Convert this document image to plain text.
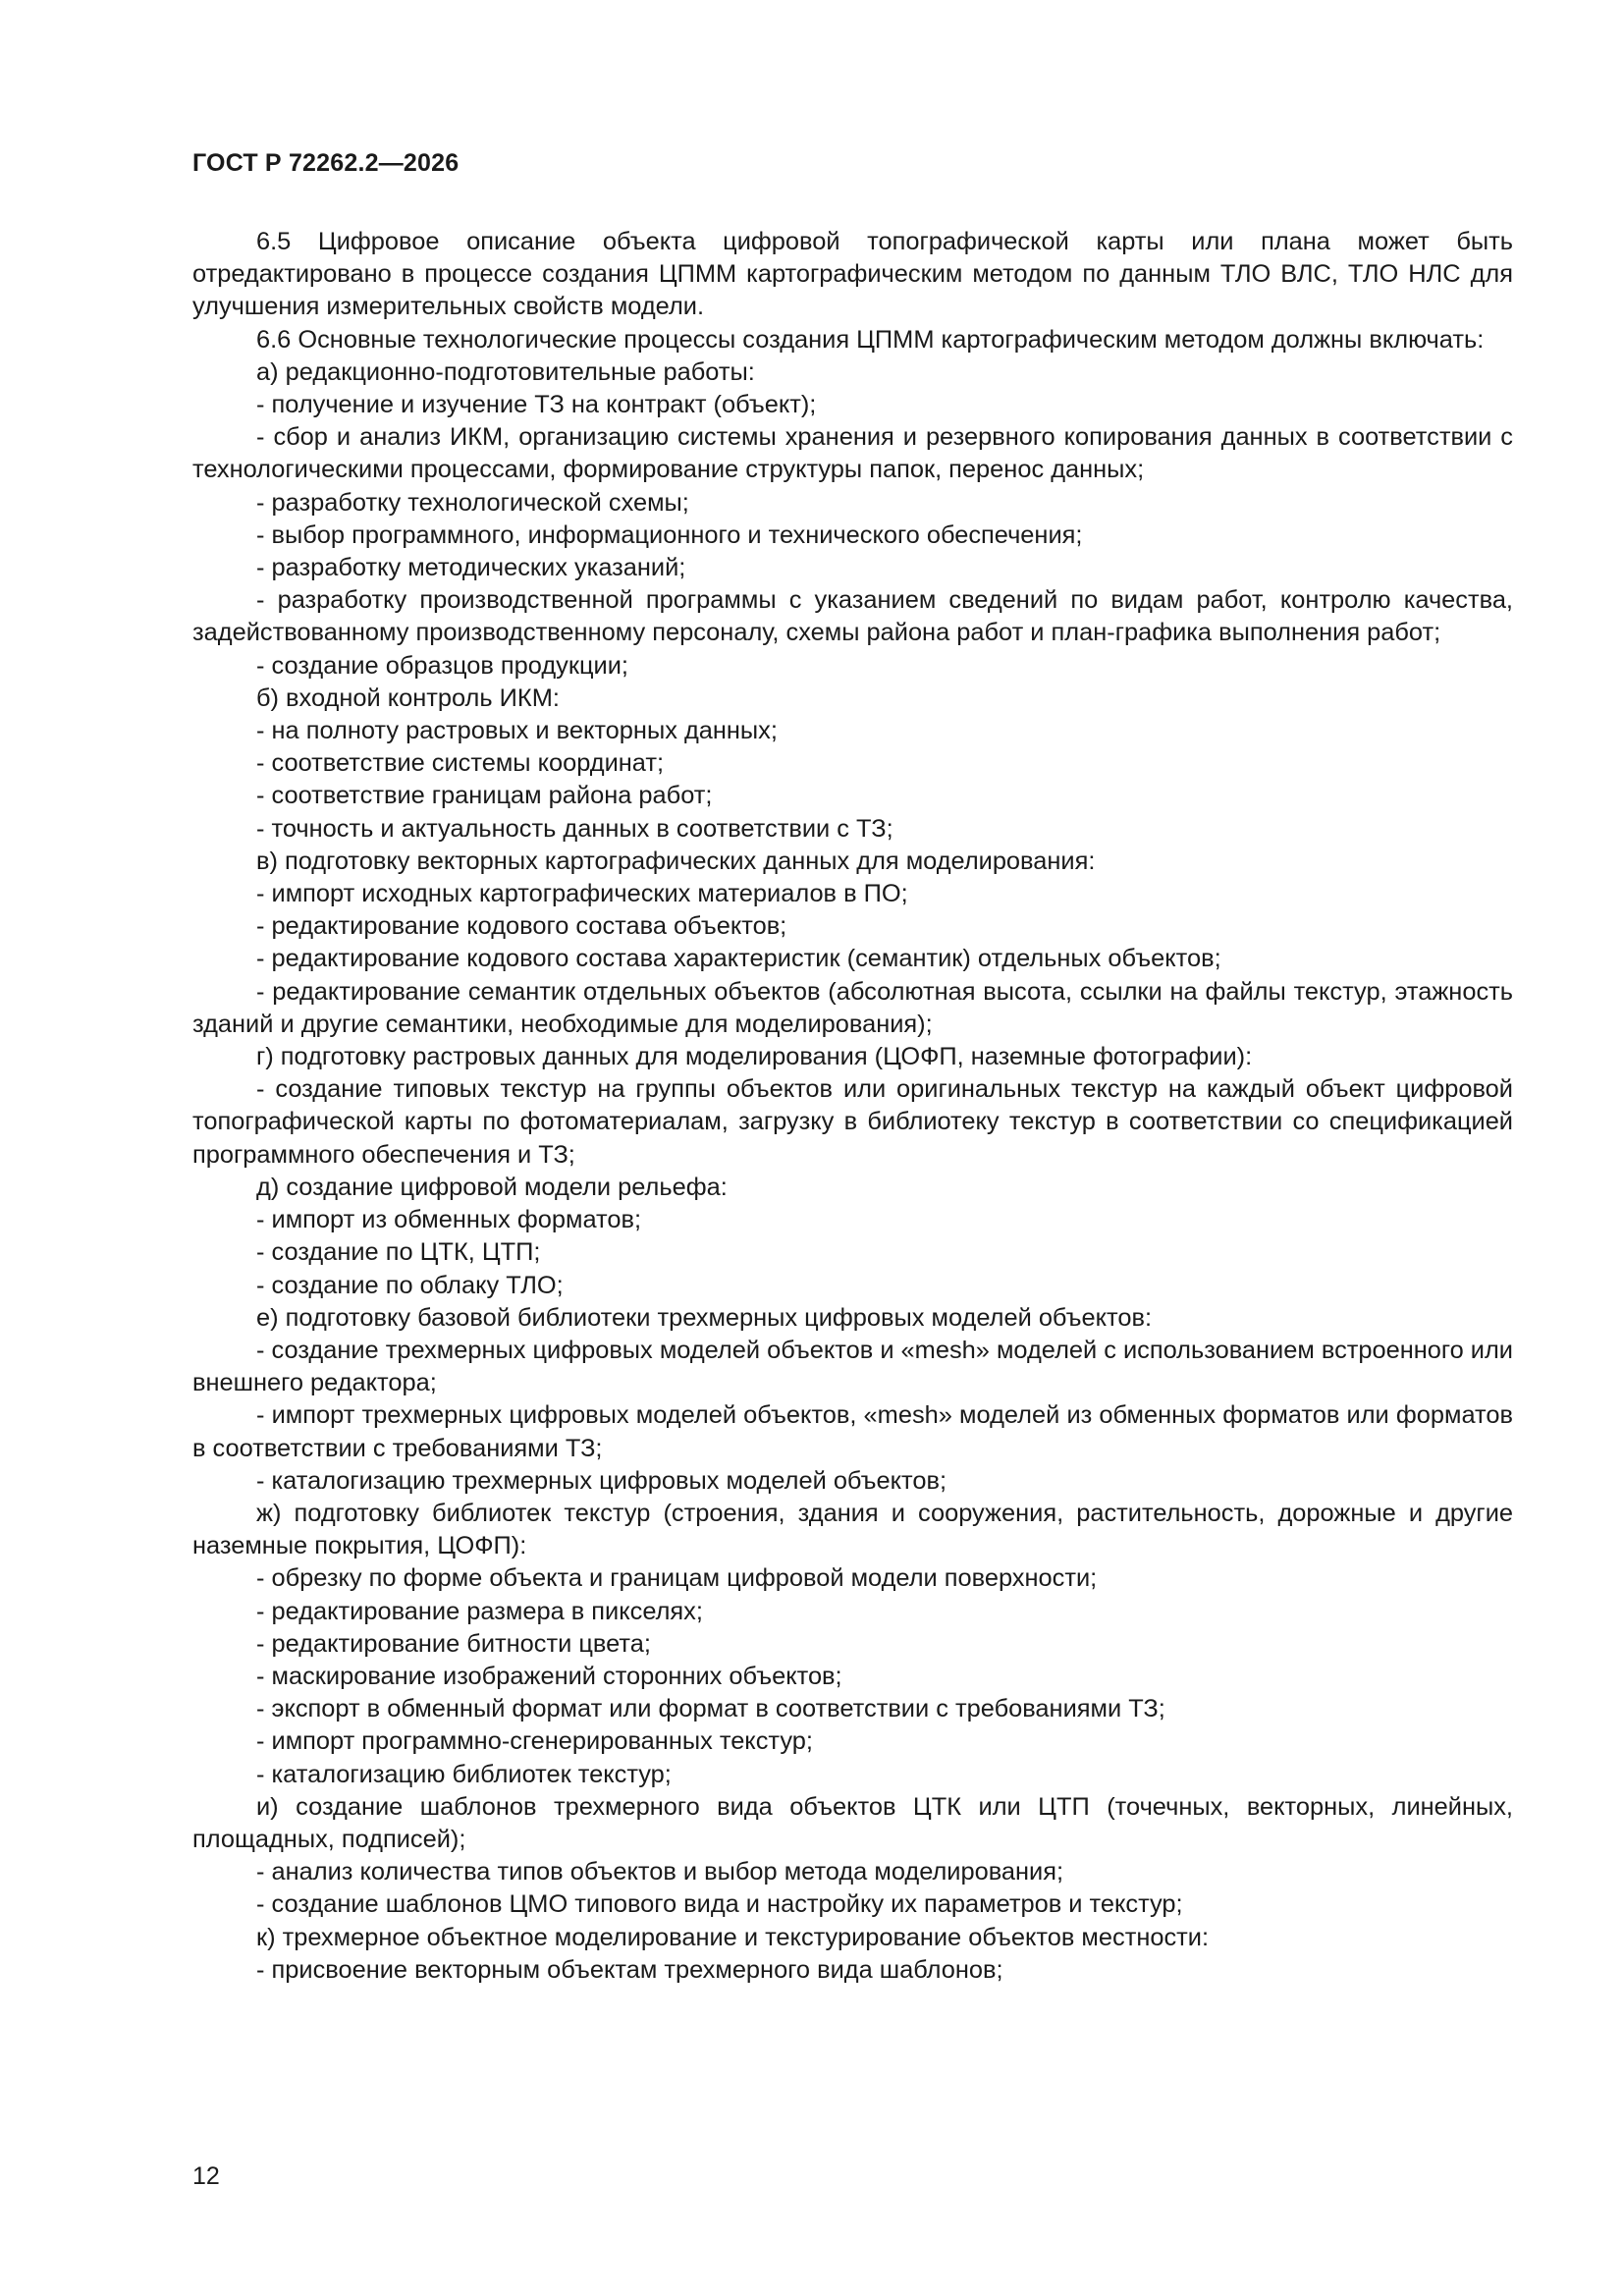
ГОСТ Р 72262.2—2026

6.5 Цифровое описание объекта цифровой топографической карты или плана может быть отредактировано в процессе создания ЦПММ картографическим методом по данным ТЛО ВЛС, ТЛО НЛС для улучшения измерительных свойств модели.

6.6 Основные технологические процессы создания ЦПММ картографическим методом должны включать:

а) редакционно-подготовительные работы:

- получение и изучение ТЗ на контракт (объект);

- сбор и анализ ИКМ, организацию системы хранения и резервного копирования данных в соответствии с технологическими процессами, формирование структуры папок, перенос данных;

- разработку технологической схемы;

- выбор программного, информационного и технического обеспечения;

- разработку методических указаний;

- разработку производственной программы с указанием сведений по видам работ, контролю качества, задействованному производственному персоналу, схемы района работ и план-графика выполнения работ;

- создание образцов продукции;

б) входной контроль ИКМ:

- на полноту растровых и векторных данных;

- соответствие системы координат;

- соответствие границам района работ;

- точность и актуальность данных в соответствии с ТЗ;

в) подготовку векторных картографических данных для моделирования:

- импорт исходных картографических материалов в ПО;

- редактирование кодового состава объектов;

- редактирование кодового состава характеристик (семантик) отдельных объектов;

- редактирование семантик отдельных объектов (абсолютная высота, ссылки на файлы текстур, этажность зданий и другие семантики, необходимые для моделирования);

г) подготовку растровых данных для моделирования (ЦОФП, наземные фотографии):

- создание типовых текстур на группы объектов или оригинальных текстур на каждый объект цифровой топографической карты по фотоматериалам, загрузку в библиотеку текстур в соответствии со спецификацией программного обеспечения и ТЗ;

д) создание цифровой модели рельефа:

- импорт из обменных форматов;

- создание по ЦТК, ЦТП;

- создание по облаку ТЛО;

е) подготовку базовой библиотеки трехмерных цифровых моделей объектов:

- создание трехмерных цифровых моделей объектов и «mesh» моделей с использованием встроенного или внешнего редактора;

- импорт трехмерных цифровых моделей объектов, «mesh» моделей из обменных форматов или форматов в соответствии с требованиями ТЗ;

- каталогизацию трехмерных цифровых моделей объектов;

ж) подготовку библиотек текстур (строения, здания и сооружения, растительность, дорожные и другие наземные покрытия, ЦОФП):

- обрезку по форме объекта и границам цифровой модели поверхности;

- редактирование размера в пикселях;

- редактирование битности цвета;

- маскирование изображений сторонних объектов;

- экспорт в обменный формат или формат в соответствии с требованиями ТЗ;

- импорт программно-сгенерированных текстур;

- каталогизацию библиотек текстур;

и) создание шаблонов трехмерного вида объектов ЦТК или ЦТП (точечных, векторных, линейных, площадных, подписей);

- анализ количества типов объектов и выбор метода моделирования;

- создание шаблонов ЦМО типового вида и настройку их параметров и текстур;

к) трехмерное объектное моделирование и текстурирование объектов местности:

- присвоение векторным объектам трехмерного вида шаблонов;

12
